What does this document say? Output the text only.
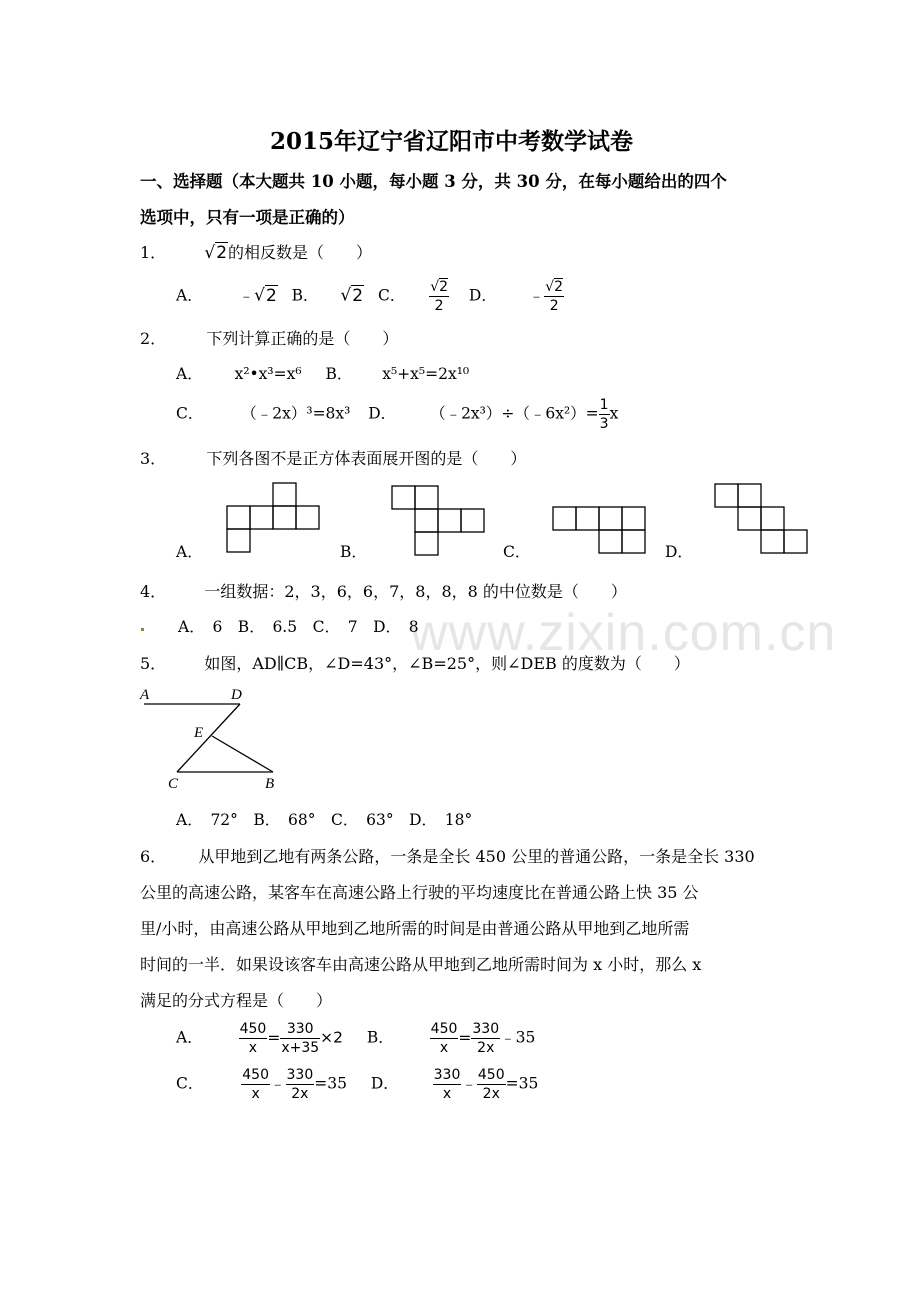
www.zixin.com.cn
2015年辽宁省辽阳市中考数学试卷
一、选择题（本大题共 10 小题，每小题 3 分，共 30 分，在每小题给出的四个
选项中，只有一项是正确的）
1． √2的相反数是（　　）
A． ﹣√2 B． √2 C． $\frac{√2}{2}$ D． ﹣ $\frac{√2}{2}$
2．	下列计算正确的是（　　）
A． x²•x³=x⁶ B． x⁵+x⁵=2x¹⁰
C． （﹣2x）³=8x³ D． （﹣2x³）÷（﹣6x²）= $\frac{1}{3}$ x
3．	下列各图不是正方体表面展开图的是（　　）
A．	B．	C．	D．
4． 一组数据：2，3，6，6，7，8，8，8 的中位数是（　　）
A．　6　B．　6.5　C．　7　D．　8
5． 如图，AD∥CB，∠D=43°，∠B=25°，则∠DEB 的度数为（　　）
A	D
E
C	B
A．　72°　B．　68°　C．　63°　D．　18°
6． 从甲地到乙地有两条公路，一条是全长 450 公里的普通公路，一条是全长 330
公里的高速公路，某客车在高速公路上行驶的平均速度比在普通公路上快 35 公
里/小时，由高速公路从甲地到乙地所需的时间是由普通公路从甲地到乙地所需
时间的一半．如果设该客车由高速公路从甲地到乙地所需时间为 x 小时，那么 x
满足的分式方程是（　　）
A．	$\frac{450}{x} = \frac{330}{x+35} \times 2$ B．	$\frac{450}{x} = \frac{330}{2x}$ ﹣35
C．	$\frac{450}{x}$ ﹣ $\frac{330}{2x} =35$ D． $\frac{330}{x}$ ﹣ $\frac{450}{2x} =35$
